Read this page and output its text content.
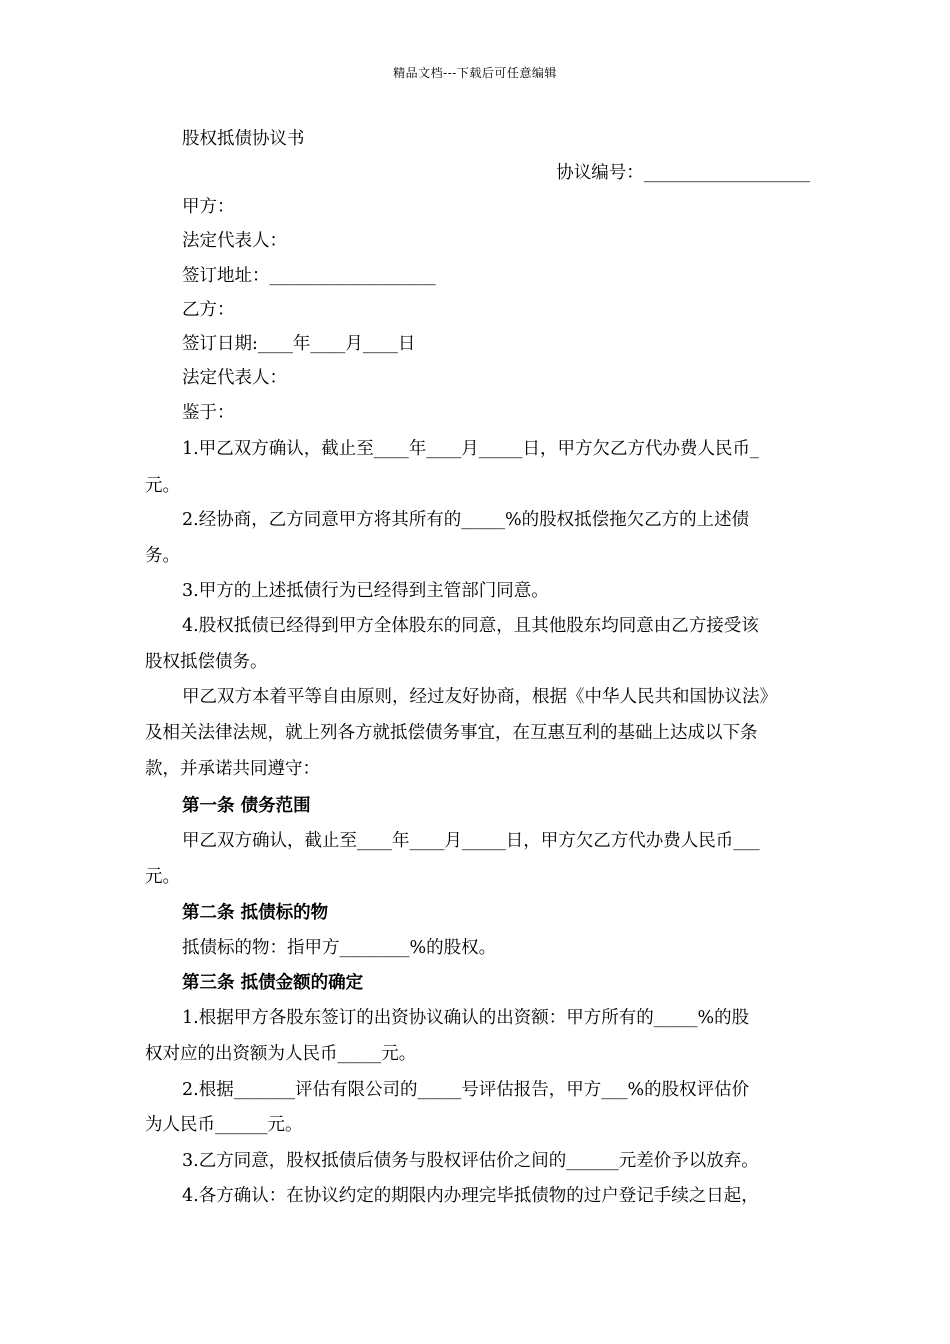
精品文档---下载后可任意编辑
股权抵债协议书
协议编号：___________________
甲方：
法定代表人：
签订地址：___________________
乙方：
签订日期:____年____月____日
法定代表人：
鉴于：
1.甲乙双方确认，截止至____年____月_____日，甲方欠乙方代办费人民币_
元。
2.经协商，乙方同意甲方将其所有的_____%的股权抵偿拖欠乙方的上述债
务。
3.甲方的上述抵债行为已经得到主管部门同意。
4.股权抵债已经得到甲方全体股东的同意，且其他股东均同意由乙方接受该
股权抵偿债务。
甲乙双方本着平等自由原则，经过友好协商，根据《中华人民共和国协议法》
及相关法律法规，就上列各方就抵偿债务事宜，在互惠互利的基础上达成以下条
款，并承诺共同遵守：
第一条 债务范围
甲乙双方确认，截止至____年____月_____日，甲方欠乙方代办费人民币___
元。
第二条 抵债标的物
抵债标的物：指甲方________%的股权。
第三条 抵债金额的确定
1.根据甲方各股东签订的出资协议确认的出资额：甲方所有的_____%的股
权对应的出资额为人民币_____元。
2.根据_______评估有限公司的_____号评估报告，甲方___%的股权评估价
为人民币______元。
3.乙方同意，股权抵债后债务与股权评估价之间的______元差价予以放弃。
4.各方确认：在协议约定的期限内办理完毕抵债物的过户登记手续之日起，
